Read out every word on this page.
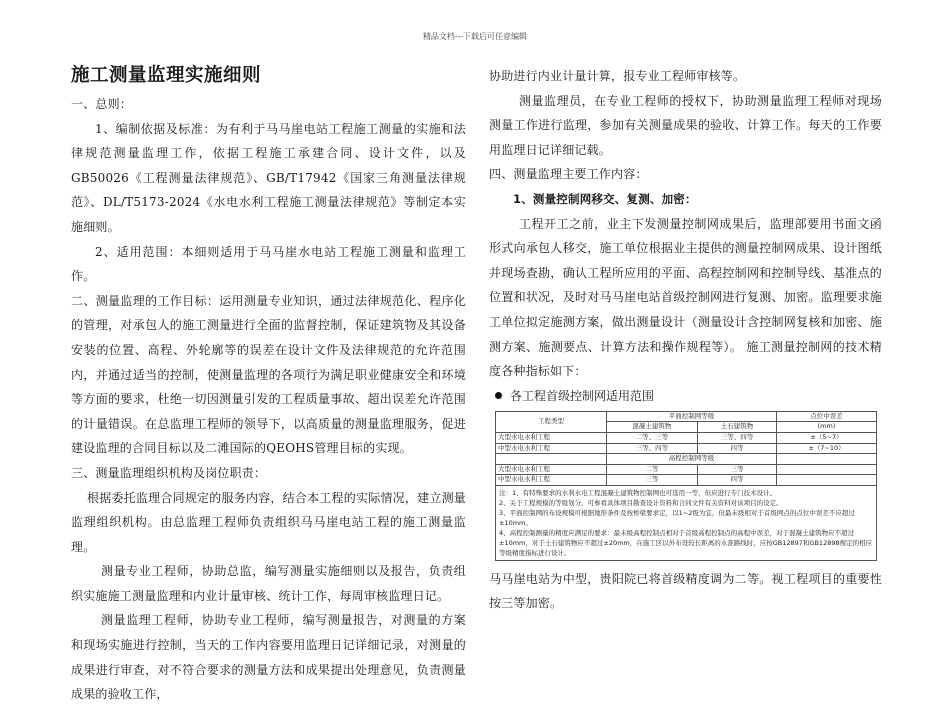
精品文档---下载后可任意编辑
施工测量监理实施细则

一、总则：

1、编制依据及标准：为有利于马马崖电站工程施工测量的实施和法律规范测量监理工作，依据工程施工承建合同、设计文件，以及GB50026《工程测量法律规范》、GB/T17942《国家三角测量法律规范》、DL/T5173-2024《水电水利工程施工测量法律规范》等制定本实施细则。

2、适用范围：本细则适用于马马崖水电站工程施工测量和监理工作。

二、测量监理的工作目标：运用测量专业知识，通过法律规范化、程序化的管理，对承包人的施工测量进行全面的监督控制，保证建筑物及其设备安装的位置、高程、外轮廓等的误差在设计文件及法律规范的允许范围内，并通过适当的控制，使测量监理的各项行为满足职业健康安全和环境等方面的要求，杜绝一切因测量引发的工程质量事故、超出误差允许范围的计量错误。在总监理工程师的领导下，以高质量的测量监理服务，促进建设监理的合同目标以及二滩国际的QEOHS管理目标的实现。

三、测量监理组织机构及岗位职责：

根据委托监理合同规定的服务内容，结合本工程的实际情况，建立测量监理组织机构。由总监理工程师负责组织马马崖电站工程的施工测量监理。

测量专业工程师，协助总监，编写测量实施细则以及报告，负责组织实施施工测量监理和内业计量审核、统计工作，每周审核监理日记。

测量监理工程师，协助专业工程师，编写测量报告，对测量的方案和现场实施进行控制，当天的工作内容要用监理日记详细记录，对测量的成果进行审查，对不符合要求的测量方法和成果提出处理意见，负责测量成果的验收工作，

协助进行内业计量计算，报专业工程师审核等。

测量监理员，在专业工程师的授权下，协助测量监理工程师对现场测量工作进行监理，参加有关测量成果的验收、计算工作。每天的工作要用监理日记详细记载。

四、测量监理主要工作内容：

1、测量控制网移交、复测、加密：

工程开工之前，业主下发测量控制网成果后，监理部要用书面文函形式向承包人移交，施工单位根据业主提供的测量控制网成果、设计图纸并现场查勘，确认工程所应用的平面、高程控制网和控制导线、基准点的位置和状况，及时对马马崖电站首级控制网进行复测、加密。监理要求施工单位拟定施测方案，做出测量设计（测量设计含控制网复核和加密、施测方案、施测要点、计算方法和操作规程等）。 施工测量控制网的技术精度各种指标如下：

各工程首级控制网适用范围
工程类型	平面控制网等级		点位中误差
	混凝土建筑物	土石建筑物	(mm)
大型水电水利工程	二等、三等	三等、四等	±（5~7）
中型水电水利工程	三等、四等	四等	±（7~10）
	高程控制网等级		
大型水电水利工程	二等	三等	
中型水电水利工程	三等	四等	

注：1、有特殊要求的水利水电工程混凝土建筑物控制网也可选用一等，但应进行专门技术设计。
2、关于工程规模的等级划分，可参看具体项目勘查设计资料和合同文件有关资料对该项目的设定。
3、平面控制网的布设规模可根据地形条件及按桥梁要求定，以1~2级为宜，但最末级相对于首级网点的点位中误差不应超过±10mm。
4、高程控制测量的精度应满足的要求：最末级高程控制点相对于首级高程控制点的高程中误差，对于混凝土建筑物应不超过±10mm，对于土石建筑物应不超过±20mm，在施工区以外布设较长距离的水准路线时，应按GB12897和GB12898规定的相应等级精度指标进行设计。			

马马崖电站为中型，贵阳院已将首级精度调为二等。视工程项目的重要性按三等加密。
